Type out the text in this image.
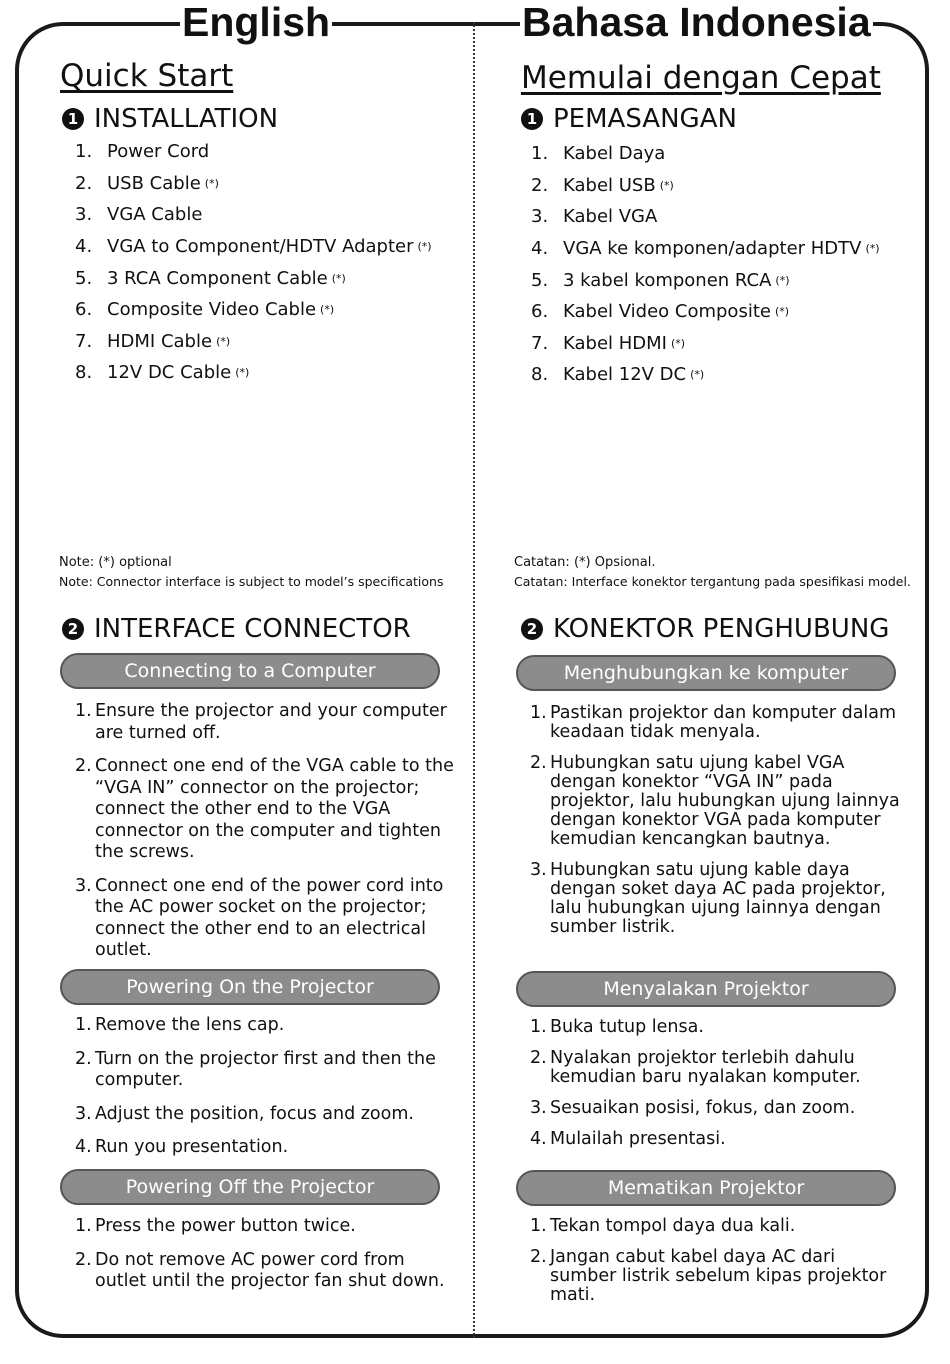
English	Bahasa Indonesia
Quick Start
1 INSTALLATION
1. Power Cord
2. USB Cable (*)
3. VGA Cable
4. VGA to Component/HDTV Adapter (*)
5. 3 RCA Component Cable (*)
6. Composite Video Cable (*)
7. HDMI Cable (*)
8. 12V DC Cable (*)
Note: (*) optional
Note: Connector interface is subject to model’s specifications
2 INTERFACE CONNECTOR
Connecting to a Computer
1. Ensure the projector and your computer are turned off.
2. Connect one end of the VGA cable to the “VGA IN” connector on the projector; connect the other end to the VGA connector on the computer and tighten the screws.
3. Connect one end of the power cord into the AC power socket on the projector; connect the other end to an electrical outlet.
Powering On the Projector
1. Remove the lens cap.
2. Turn on the projector first and then the computer.
3. Adjust the position, focus and zoom.
4. Run you presentation.
Powering Off the Projector
1. Press the power button twice.
2. Do not remove AC power cord from outlet until the projector fan shut down.
Memulai dengan Cepat
1 PEMASANGAN
1. Kabel Daya
2. Kabel USB (*)
3. Kabel VGA
4. VGA ke komponen/adapter HDTV (*)
5. 3 kabel komponen RCA (*)
6. Kabel Video Composite (*)
7. Kabel HDMI (*)
8. Kabel 12V DC (*)
Catatan: (*) Opsional.
Catatan: Interface konektor tergantung pada spesifikasi model.
2 KONEKTOR PENGHUBUNG
Menghubungkan ke komputer
1. Pastikan projektor dan komputer dalam keadaan tidak menyala.
2. Hubungkan satu ujung kabel VGA dengan konektor “VGA IN” pada projektor, lalu hubungkan ujung lainnya dengan konektor VGA pada komputer kemudian kencangkan bautnya.
3. Hubungkan satu ujung kable daya dengan soket daya AC pada projektor, lalu hubungkan ujung lainnya dengan sumber listrik.
Menyalakan Projektor
1. Buka tutup lensa.
2. Nyalakan projektor terlebih dahulu kemudian baru nyalakan komputer.
3. Sesuaikan posisi, fokus, dan zoom.
4. Mulailah presentasi.
Mematikan Projektor
1. Tekan tompol daya dua kali.
2. Jangan cabut kabel daya AC dari sumber listrik sebelum kipas projektor mati.
